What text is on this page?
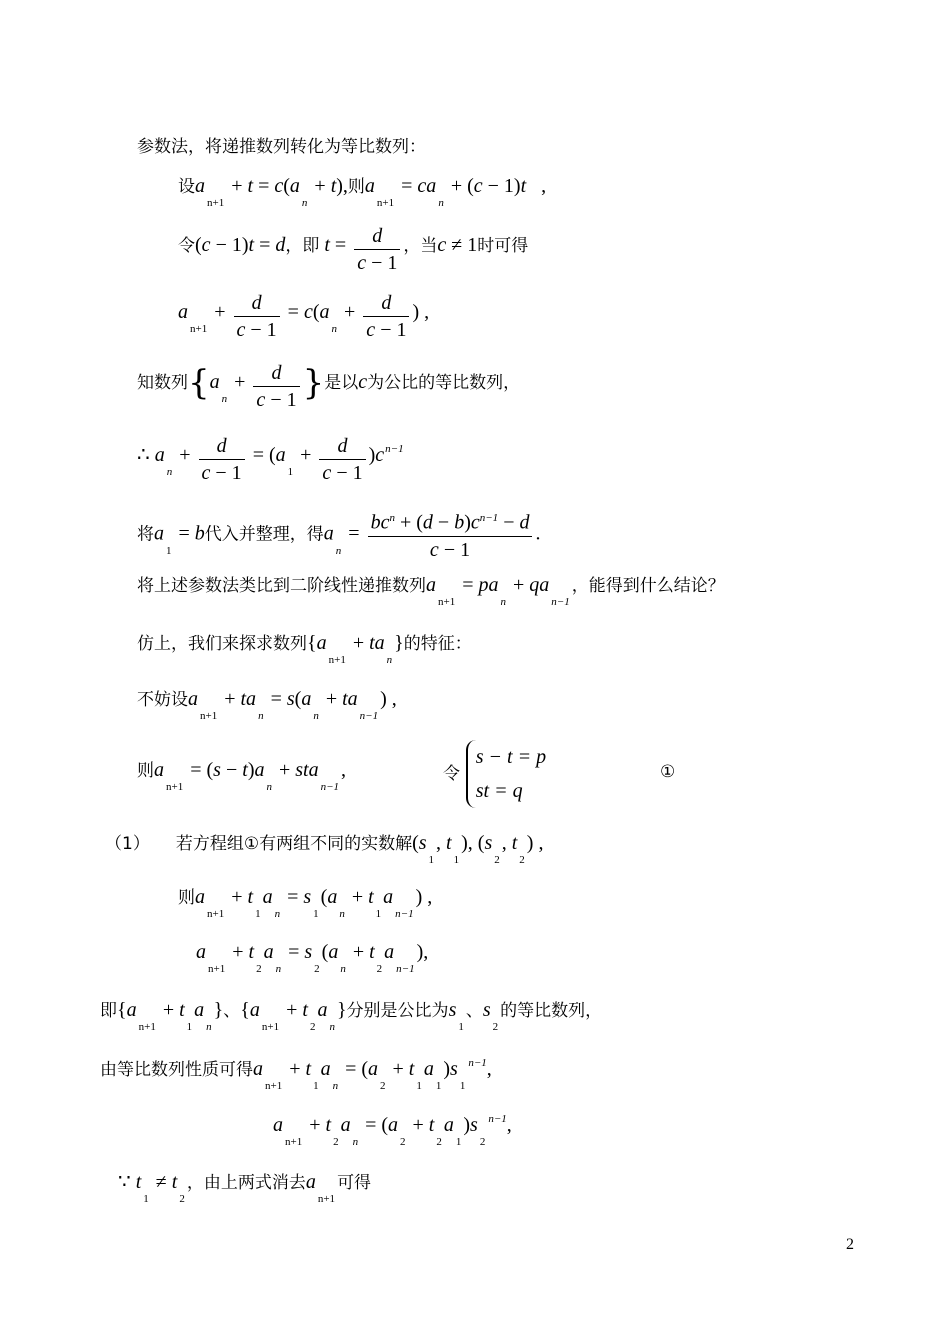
参数法，将递推数列转化为等比数列：
设$a_{n+1} + t = c(a_n + t)$,则$a_{n+1} = ca_n + (c - 1)t$   ,
令(c − 1)t = d，即 $t = \frac{d}{c - 1}$ ，当c ≠ 1时可得
$a_{n+1} + \frac{d}{c - 1} = c(a_n + \frac{d}{c - 1}$ ) ,
知数列{$a_n + \frac{d}{c - 1}$ }是以c为公比的等比数列，
∴ $a_n + \frac{d}{c - 1} = (a_1 + \frac{d}{c - 1} )c^{n-1}$
将$a_1 = b$代入并整理，得$a_n = \frac{bc^n + (d - b)c^{n-1} - d}{c - 1}$ .
将上述参数法类比到二阶线性递推数列$a_{n+1} = pa_n + qa_{n-1}$，能得到什么结论？
仿上，我们来探求数列$\{a_{n+1} + ta_n\}$的特征：
不妨设$a_{n+1} + ta_n = s(a_n + ta_{n-1})$ ,
则$a_{n+1} = (s - t)a_n + sta_{n-1}$,	令
s − t = p
st = q
①
（1） 若方程组①有两组不同的实数解($s_1$, $t_1$), ($s_2$, $t_2$) ,
则$a_{n+1} + t_1a_n = s_1(a_n + t_1a_{n-1})$ ,
$a_{n+1} + t_2a_n = s_2(a_n + t_2a_{n-1})$,
即$\{a_{n+1} + t_1a_n\}$、$\{a_{n+1} + t_2a_n\}$分别是公比为$s_1$、$s_2$的等比数列，
由等比数列性质可得$a_{n+1} + t_1a_n = (a_2 + t_1a_1)s_1^{n-1}$,
$a_{n+1} + t_2a_n = (a_2 + t_2a_1)s_2^{n-1}$,
∵ $t_1 \ne t_2$，由上两式消去$a_{n+1}$可得
2
